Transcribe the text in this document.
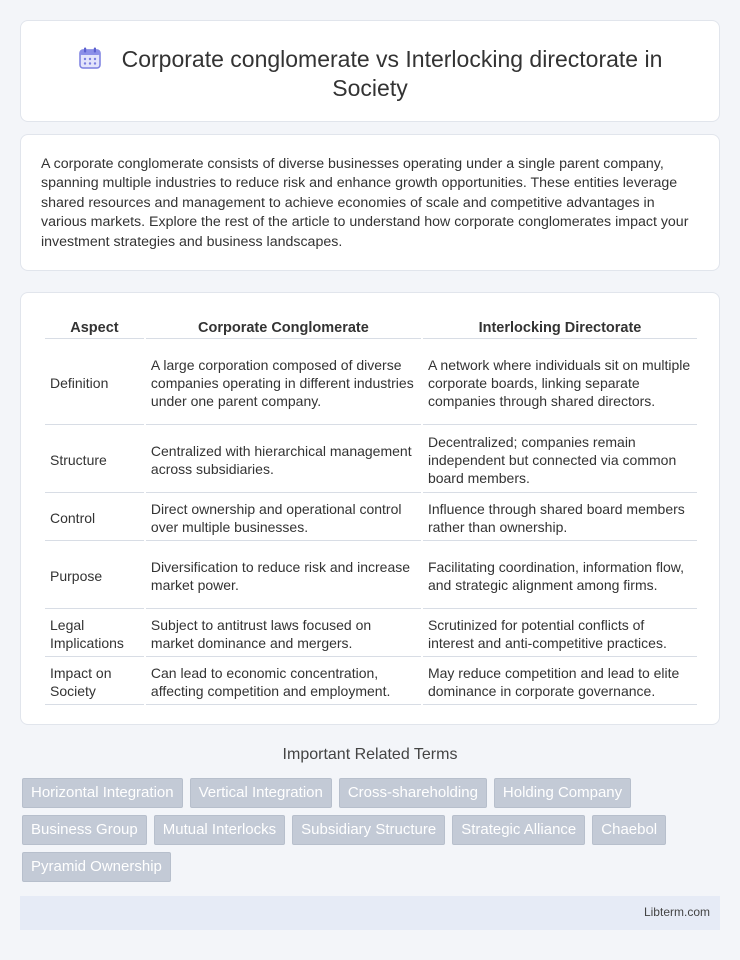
Corporate conglomerate vs Interlocking directorate in Society

A corporate conglomerate consists of diverse businesses operating under a single parent company, spanning multiple industries to reduce risk and enhance growth opportunities. These entities leverage shared resources and management to achieve economies of scale and competitive advantages in various markets. Explore the rest of the article to understand how corporate conglomerates impact your investment strategies and business landscapes.

Aspect	Corporate Conglomerate	Interlocking Directorate
Definition	A large corporation composed of diverse companies operating in different industries under one parent company.	A network where individuals sit on multiple corporate boards, linking separate companies through shared directors.
Structure	Centralized with hierarchical management across subsidiaries.	Decentralized; companies remain independent but connected via common board members.
Control	Direct ownership and operational control over multiple businesses.	Influence through shared board members rather than ownership.
Purpose	Diversification to reduce risk and increase market power.	Facilitating coordination, information flow, and strategic alignment among firms.
Legal Implications	Subject to antitrust laws focused on market dominance and mergers.	Scrutinized for potential conflicts of interest and anti-competitive practices.
Impact on Society	Can lead to economic concentration, affecting competition and employment.	May reduce competition and lead to elite dominance in corporate governance.
Important Related Terms
Horizontal Integration	Vertical Integration	Cross-shareholding	Holding Company
Business Group	Mutual Interlocks	Subsidiary Structure	Strategic Alliance	Chaebol
Pyramid Ownership
Libterm.com
